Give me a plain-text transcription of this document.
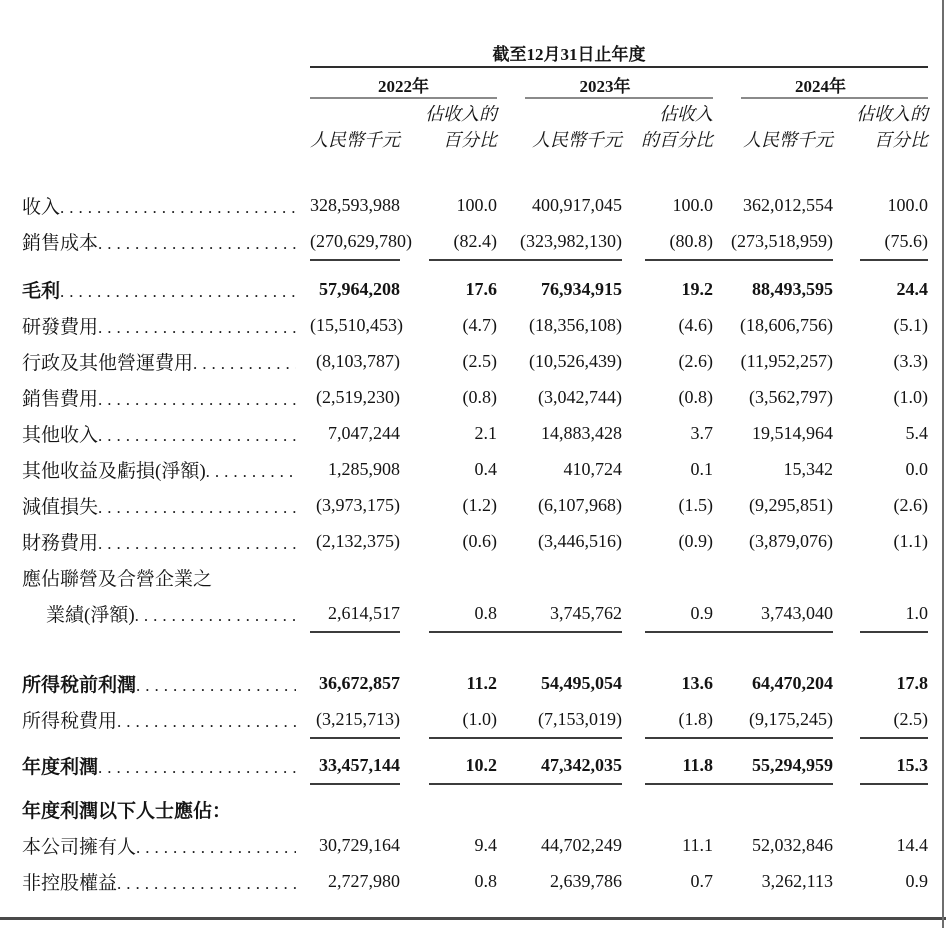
截至12月31日止年度
2022年	2023年	2024年
佔收入的	佔收入	佔收入的
人民幣千元	百分比	人民幣千元	的百分比	人民幣千元	百分比
收入 .....	328,593,988	100.0	400,917,045	100.0	362,012,554	100.0
銷售成本 .....	(270,629,780)	(82.4)	(323,982,130)	(80.8)	(273,518,959)	(75.6)
毛利 .....	57,964,208	17.6	76,934,915	19.2	88,493,595	24.4
研發費用 .....	(15,510,453)	(4.7)	(18,356,108)	(4.6)	(18,606,756)	(5.1)
行政及其他營運費用 .....	(8,103,787)	(2.5)	(10,526,439)	(2.6)	(11,952,257)	(3.3)
銷售費用 .....	(2,519,230)	(0.8)	(3,042,744)	(0.8)	(3,562,797)	(1.0)
其他收入 .....	7,047,244	2.1	14,883,428	3.7	19,514,964	5.4
其他收益及虧損(淨額) .....	1,285,908	0.4	410,724	0.1	15,342	0.0
減值損失 .....	(3,973,175)	(1.2)	(6,107,968)	(1.5)	(9,295,851)	(2.6)
財務費用 .....	(2,132,375)	(0.6)	(3,446,516)	(0.9)	(3,879,076)	(1.1)
應佔聯營及合營企業之
業績(淨額) .....	2,614,517	0.8	3,745,762	0.9	3,743,040	1.0
所得稅前利潤 .....	36,672,857	11.2	54,495,054	13.6	64,470,204	17.8
所得稅費用 .....	(3,215,713)	(1.0)	(7,153,019)	(1.8)	(9,175,245)	(2.5)
年度利潤 .....	33,457,144	10.2	47,342,035	11.8	55,294,959	15.3
年度利潤以下人士應佔：
本公司擁有人 .....	30,729,164	9.4	44,702,249	11.1	52,032,846	14.4
非控股權益 .....	2,727,980	0.8	2,639,786	0.7	3,262,113	0.9
